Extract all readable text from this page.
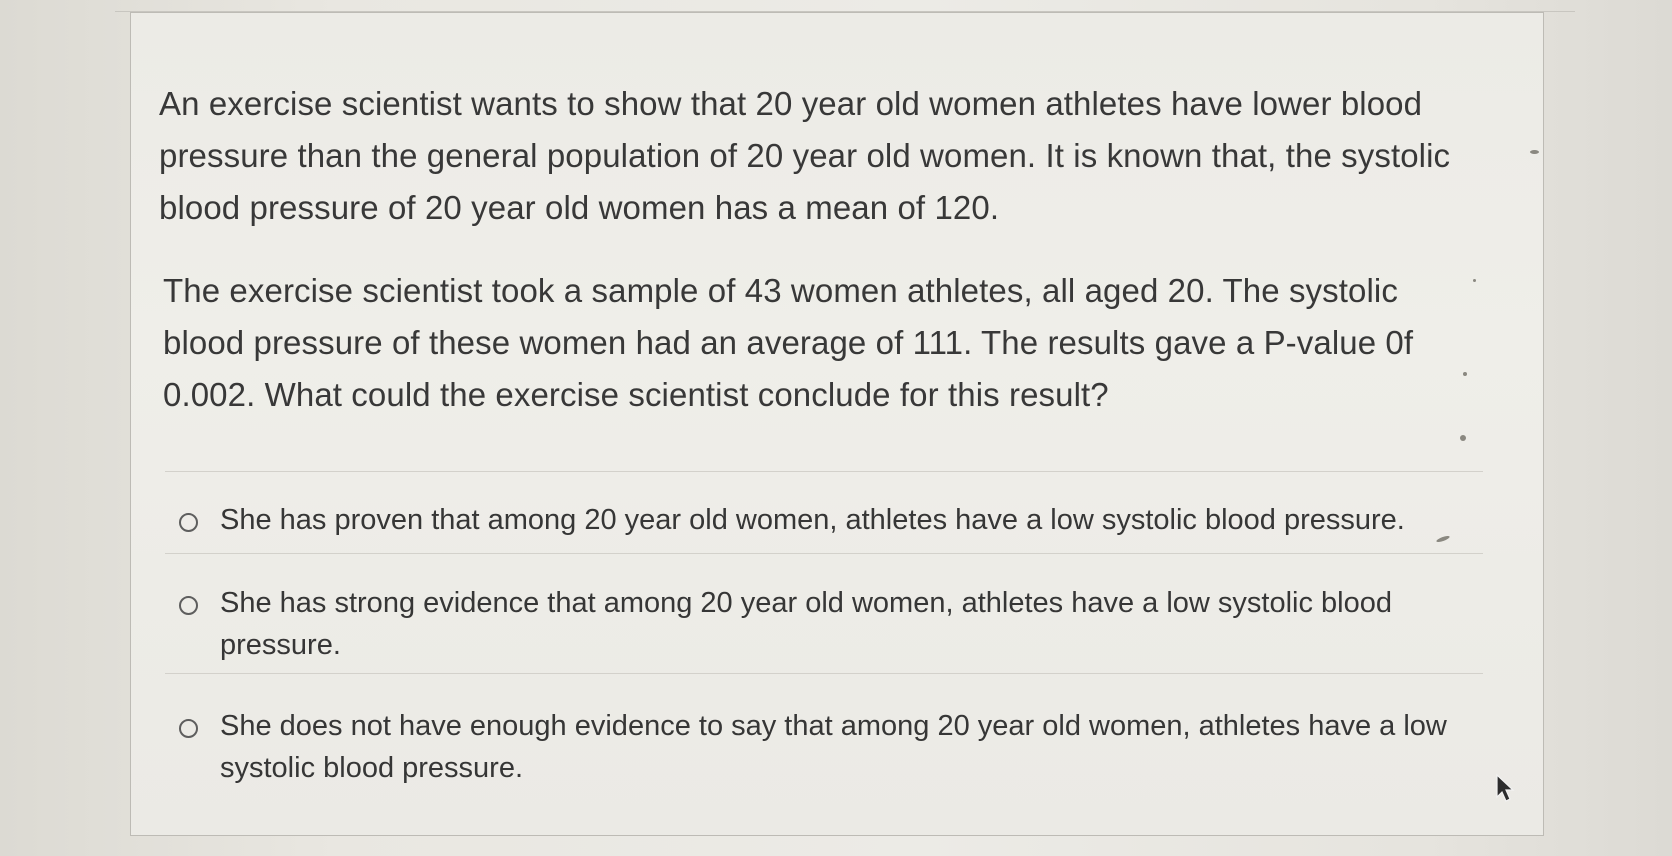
An exercise scientist wants to show that 20 year old women athletes have lower blood pressure than the general population of 20 year old women. It is known that, the systolic blood pressure of 20 year old women has a mean of 120.

The exercise scientist took a sample of 43 women athletes, all aged 20. The systolic blood pressure of these women had an average of 111. The results gave a P-value 0f 0.002. What could the exercise scientist conclude for this result?

She has proven that among 20 year old women, athletes have a low systolic blood pressure.
She has strong evidence that among 20 year old women, athletes have a low systolic blood pressure.
She does not have enough evidence to say that among 20 year old women, athletes have a low systolic blood pressure.
